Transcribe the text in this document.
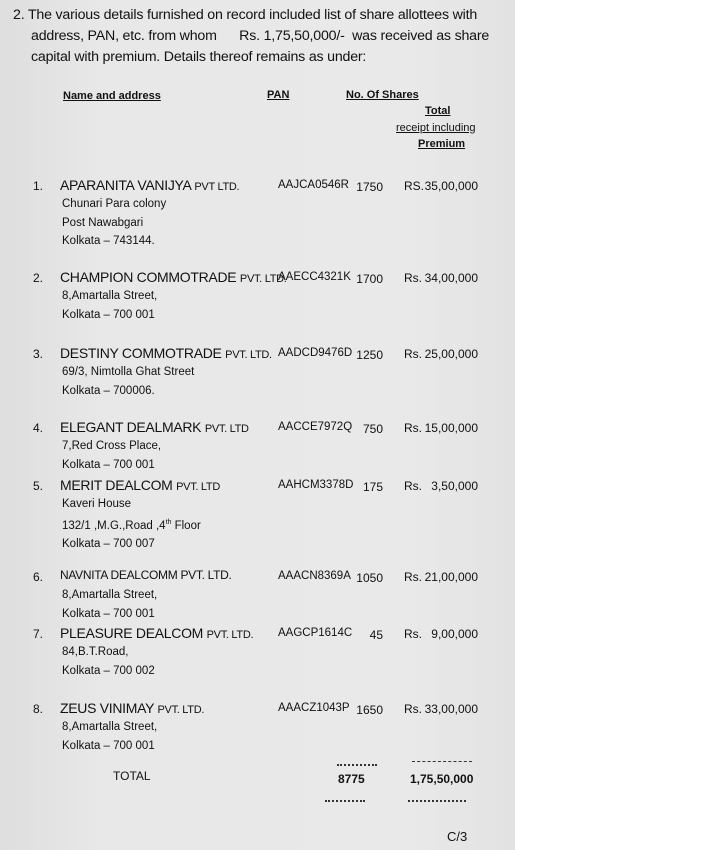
2. The various details furnished on record included list of share allottees with
address, PAN, etc. from whom      Rs. 1,75,50,000/-  was received as share
capital with premium. Details thereof remains as under:
Name and address	PAN	No. Of Shares
Total
receipt including
Premium
1. APARANITA VANIJYA PVT LTD.
Chunari Para colony
Post Nawabgari
Kolkata – 743144.
AAJCA0546R 1750 RS. 35,00,000
2. CHAMPION COMMOTRADE PVT. LTD.
8,Amartalla Street,
Kolkata – 700 001
AAECC4321K 1700 Rs. 34,00,000
3. DESTINY COMMOTRADE PVT. LTD.
69/3, Nimtolla Ghat Street
Kolkata – 700006.
AADCD9476D 1250 Rs. 25,00,000
4. ELEGANT DEALMARK PVT. LTD
7,Red Cross Place,
Kolkata – 700 001
AACCE7972Q 750 Rs. 15,00,000
5. MERIT DEALCOM PVT. LTD
Kaveri House
132/1 ,M.G.,Road ,4th Floor
Kolkata – 700 007
AAHCM3378D 175 Rs. 3,50,000
6. NAVNITA DEALCOMM PVT. LTD.
8,Amartalla Street,
Kolkata – 700 001
AAACN8369A 1050 Rs. 21,00,000
7. PLEASURE DEALCOM PVT. LTD.
84,B.T.Road,
Kolkata – 700 002
AAGCP1614C 45 Rs. 9,00,000
8. ZEUS VINIMAY PVT. LTD.
8,Amartalla Street,
Kolkata – 700 001
AAACZ1043P 1650 Rs. 33,00,000
TOTAL	8775	1,75,50,000
C/3
